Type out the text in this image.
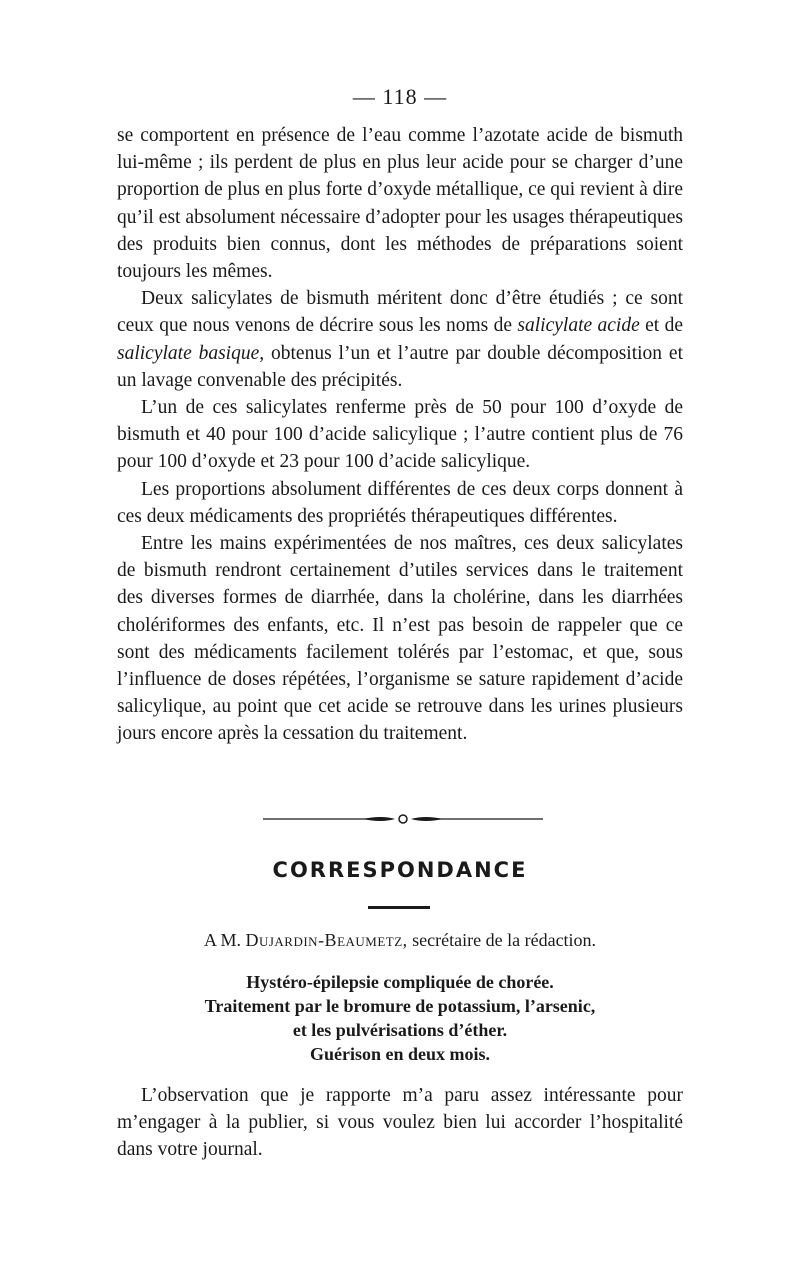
— 118 —

se comportent en présence de l’eau comme l’azotate acide de bismuth lui-même ; ils perdent de plus en plus leur acide pour se charger d’une proportion de plus en plus forte d’oxyde métallique, ce qui revient à dire qu’il est absolument nécessaire d’adopter pour les usages thérapeutiques des produits bien connus, dont les méthodes de préparations soient toujours les mêmes.

Deux salicylates de bismuth méritent donc d’être étudiés ; ce sont ceux que nous venons de décrire sous les noms de salicylate acide et de salicylate basique, obtenus l’un et l’autre par double décomposition et un lavage convenable des précipités.

L’un de ces salicylates renferme près de 50 pour 100 d’oxyde de bismuth et 40 pour 100 d’acide salicylique ; l’autre contient plus de 76 pour 100 d’oxyde et 23 pour 100 d’acide salicylique.

Les proportions absolument différentes de ces deux corps donnent à ces deux médicaments des propriétés thérapeutiques différentes.

Entre les mains expérimentées de nos maîtres, ces deux salicylates de bismuth rendront certainement d’utiles services dans le traitement des diverses formes de diarrhée, dans la cholérine, dans les diarrhées cholériformes des enfants, etc. Il n’est pas besoin de rappeler que ce sont des médicaments facilement tolérés par l’estomac, et que, sous l’influence de doses répétées, l’organisme se sature rapidement d’acide salicylique, au point que cet acide se retrouve dans les urines plusieurs jours encore après la cessation du traitement.

CORRESPONDANCE
A M. Dujardin-Beaumetz, secrétaire de la rédaction.
Hystéro-épilepsie compliquée de chorée.
Traitement par le bromure de potassium, l’arsenic,
et les pulvérisations d’éther.
Guérison en deux mois.

L’observation que je rapporte m’a paru assez intéressante pour m’engager à la publier, si vous voulez bien lui accorder l’hospitalité dans votre journal.
